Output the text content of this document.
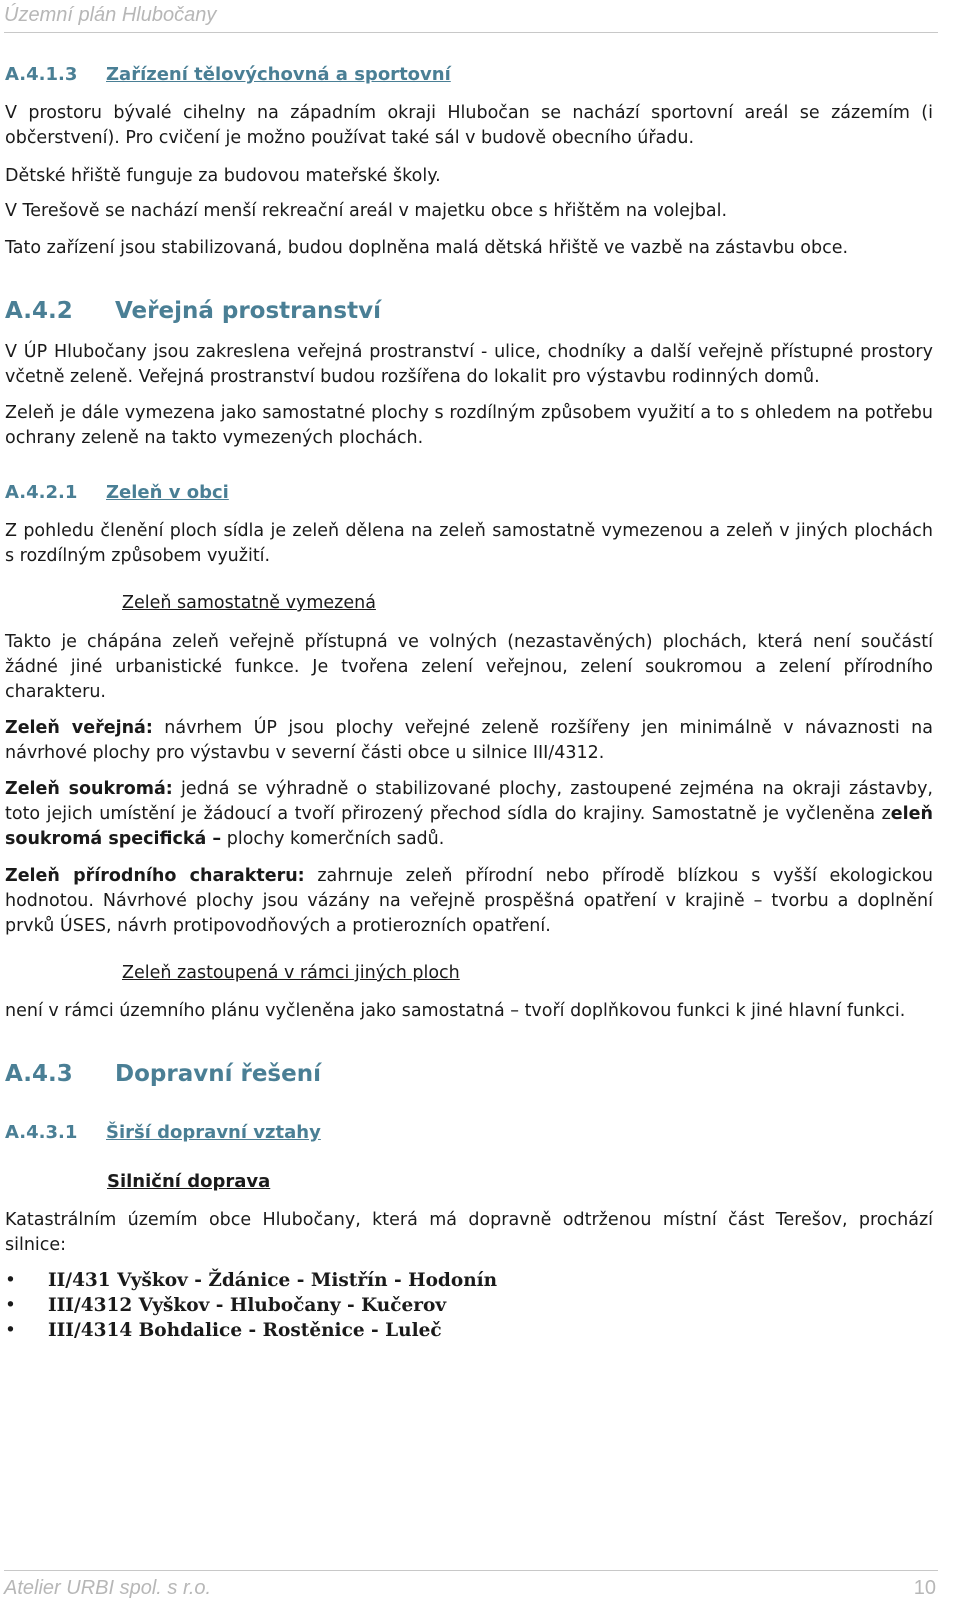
Územní plán Hlubočany
A.4.1.3 Zařízení tělovýchovná a sportovní

V prostoru bývalé cihelny na západním okraji Hlubočan se nachází sportovní areál se zázemím (i občerstvení). Pro cvičení je možno používat také sál v budově obecního úřadu.

Dětské hřiště funguje za budovou mateřské školy.

V Terešově se nachází menší rekreační areál v majetku obce s hřištěm na volejbal.

Tato zařízení jsou stabilizovaná, budou doplněna malá dětská hřiště ve vazbě na zástavbu obce.

A.4.2 Veřejná prostranství

V ÚP Hlubočany jsou zakreslena veřejná prostranství - ulice, chodníky a další veřejně přístupné prostory včetně zeleně. Veřejná prostranství budou rozšířena do lokalit pro výstavbu rodinných domů.

Zeleň je dále vymezena jako samostatné plochy s rozdílným způsobem využití a to s ohledem na potřebu ochrany zeleně na takto vymezených plochách.

A.4.2.1 Zeleň v obci

Z pohledu členění ploch sídla je zeleň dělena na zeleň samostatně vymezenou a zeleň v jiných plochách s rozdílným způsobem využití.

Zeleň samostatně vymezená

Takto je chápána zeleň veřejně přístupná ve volných (nezastavěných) plochách, která není součástí žádné jiné urbanistické funkce. Je tvořena zelení veřejnou, zelení soukromou a zelení přírodního charakteru.

Zeleň veřejná: návrhem ÚP jsou plochy veřejné zeleně rozšířeny jen minimálně v návaznosti na návrhové plochy pro výstavbu v severní části obce u silnice III/4312.

Zeleň soukromá: jedná se výhradně o stabilizované plochy, zastoupené zejména na okraji zástavby, toto jejich umístění je žádoucí a tvoří přirozený přechod sídla do krajiny. Samostatně je vyčleněna zeleň soukromá specifická – plochy komerčních sadů.

Zeleň přírodního charakteru: zahrnuje zeleň přírodní nebo přírodě blízkou s vyšší ekologickou hodnotou. Návrhové plochy jsou vázány na veřejně prospěšná opatření v krajině – tvorbu a doplnění prvků ÚSES, návrh protipovodňových a protierozních opatření.

Zeleň zastoupená v rámci jiných ploch

není v rámci územního plánu vyčleněna jako samostatná – tvoří doplňkovou funkci k jiné hlavní funkci.

A.4.3 Dopravní řešení
A.4.3.1 Širší dopravní vztahy
Silniční doprava

Katastrálním územím obce Hlubočany, která má dopravně odtrženou místní část Terešov, prochází silnice:

• II/431 Vyškov - Ždánice - Mistřín - Hodonín
• III/4312 Vyškov - Hlubočany - Kučerov
• III/4314 Bohdalice - Rostěnice - Luleč
Atelier URBI spol. s r.o.	10
